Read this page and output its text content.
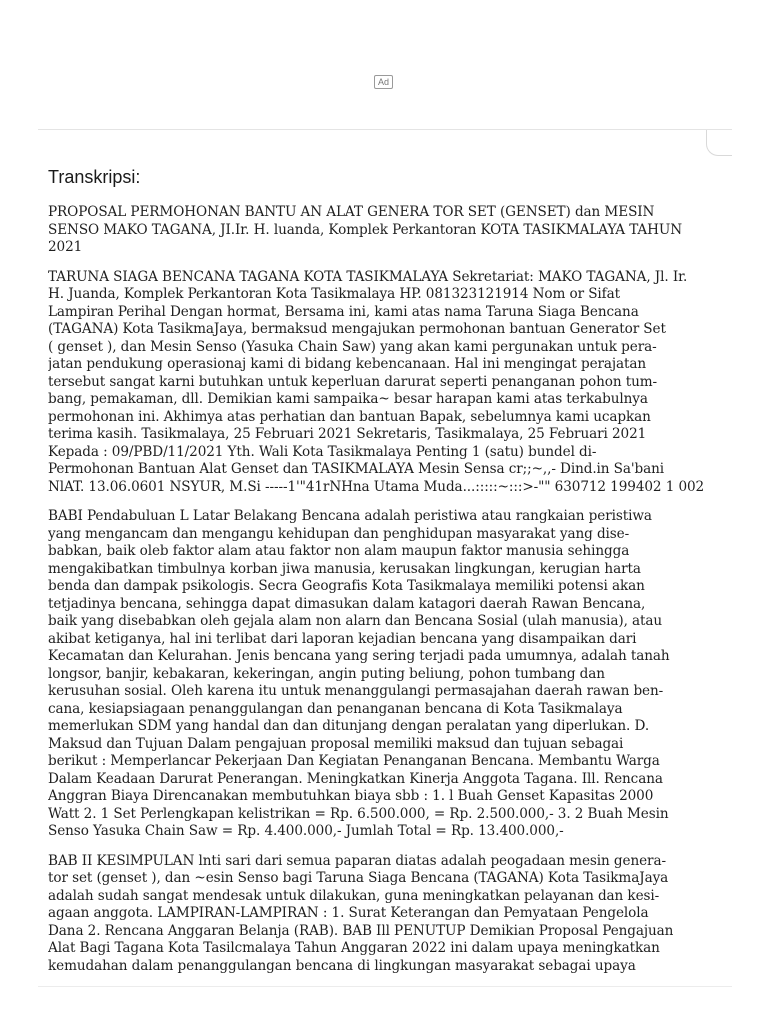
Ad
Transkripsi:

PROPOSAL PERMOHONAN BANTU AN ALAT GENERA TOR SET (GENSET) dan MESIN
SENSO MAKO TAGANA, JI.Ir. H. luanda, Komplek Perkantoran KOTA TASIKMALAYA TAHUN
2021

TARUNA SIAGA BENCANA TAGANA KOTA TASIKMALAYA Sekretariat: MAKO TAGANA, Jl. Ir.
H. Juanda, Komplek Perkantoran Kota Tasikmalaya HP. 081323121914 Nom or Sifat
Lampiran Perihal Dengan hormat, Bersama ini, kami atas nama Taruna Siaga Bencana
(TAGANA) Kota TasikmaJaya, bermaksud mengajukan permohonan bantuan Generator Set
( genset ), dan Mesin Senso (Yasuka Chain Saw) yang akan kami pergunakan untuk pera-
jatan pendukung operasionaj kami di bidang kebencanaan. Hal ini mengingat perajatan
tersebut sangat karni butuhkan untuk keperluan darurat seperti penanganan pohon tum-
bang, pemakaman, dll. Demikian kami sampaika~ besar harapan kami atas terkabulnya
permohonan ini. Akhimya atas perhatian dan bantuan Bapak, sebelumnya kami ucapkan
terima kasih. Tasikmalaya, 25 Februari 2021 Sekretaris, Tasikmalaya, 25 Februari 2021
Kepada : 09/PBD/11/2021 Yth. Wali Kota Tasikmalaya Penting 1 (satu) bundel di-
Permohonan Bantuan Alat Genset dan TASIKMALAYA Mesin Sensa cr;;~,,- Dind.in Sa'bani
NlAT. 13.06.0601 NSYUR, M.Si -----1'"41rNHna Utama Muda...:::::~:::>-"" 630712 199402 1 002

BABI Pendabuluan L Latar Belakang Bencana adalah peristiwa atau rangkaian peristiwa
yang mengancam dan mengangu kehidupan dan penghidupan masyarakat yang dise-
babkan, baik oleb faktor alam atau faktor non alam maupun faktor manusia sehingga
mengakibatkan timbulnya korban jiwa manusia, kerusakan lingkungan, kerugian harta
benda dan dampak psikologis. Secra Geografis Kota Tasikmalaya memiliki potensi akan
tetjadinya bencana, sehingga dapat dimasukan dalam katagori daerah Rawan Bencana,
baik yang disebabkan oleh gejala alam non alarn dan Bencana Sosial (ulah manusia), atau
akibat ketiganya, hal ini terlibat dari laporan kejadian bencana yang disampaikan dari
Kecamatan dan Kelurahan. Jenis bencana yang sering terjadi pada umumnya, adalah tanah
longsor, banjir, kebakaran, kekeringan, angin puting beliung, pohon tumbang dan
kerusuhan sosial. Oleh karena itu untuk menanggulangi permasajahan daerah rawan ben-
cana, kesiapsiagaan penanggulangan dan penanganan bencana di Kota Tasikmalaya
memerlukan SDM yang handal dan dan ditunjang dengan peralatan yang diperlukan. D.
Maksud dan Tujuan Dalam pengajuan proposal memiliki maksud dan tujuan sebagai
berikut : Memperlancar Pekerjaan Dan Kegiatan Penanganan Bencana. Membantu Warga
Dalam Keadaan Darurat Penerangan. Meningkatkan Kinerja Anggota Tagana. Ill. Rencana
Anggran Biaya Direncanakan membutuhkan biaya sbb : 1. l Buah Genset Kapasitas 2000
Watt 2. 1 Set Perlengkapan kelistrikan = Rp. 6.500.000, = Rp. 2.500.000,- 3. 2 Buah Mesin
Senso Yasuka Chain Saw = Rp. 4.400.000,- Jumlah Total = Rp. 13.400.000,-

BAB II KESlMPULAN lnti sari dari semua paparan diatas adalah peogadaan mesin genera-
tor set (genset ), dan ~esin Senso bagi Taruna Siaga Bencana (TAGANA) Kota TasikmaJaya
adalah sudah sangat mendesak untuk dilakukan, guna meningkatkan pelayanan dan kesi-
agaan anggota. LAMPIRAN-LAMPIRAN : 1. Surat Keterangan dan Pemyataan Pengelola
Dana 2. Rencana Anggaran Belanja (RAB). BAB Ill PENUTUP Demikian Proposal Pengajuan
Alat Bagi Tagana Kota Tasilcmalaya Tahun Anggaran 2022 ini dalam upaya meningkatkan
kemudahan dalam penanggulangan bencana di lingkungan masyarakat sebagai upaya
